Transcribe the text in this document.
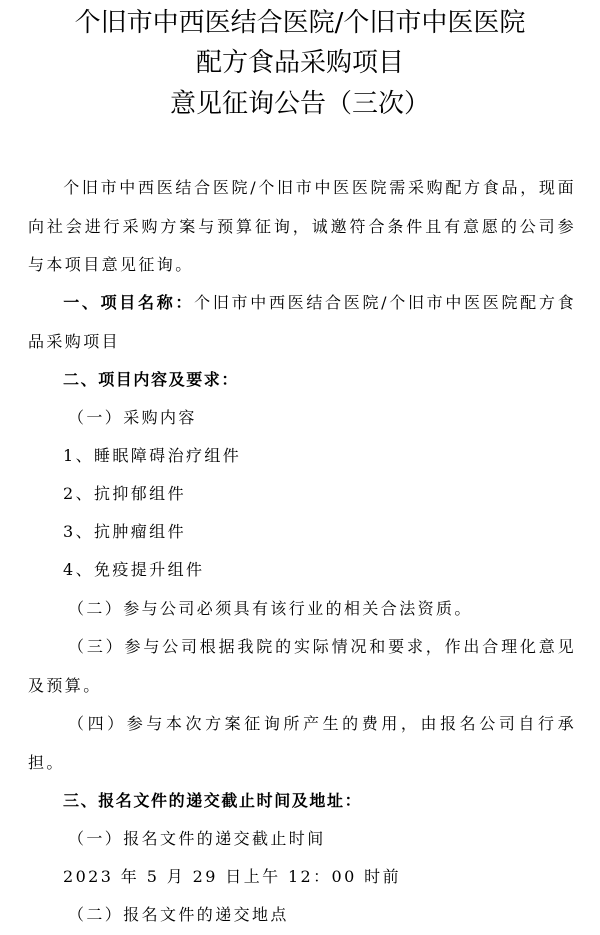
个旧市中西医结合医院/个旧市中医医院
配方食品采购项目
意见征询公告（三次）

个旧市中西医结合医院/个旧市中医医院需采购配方食品，现面向社会进行采购方案与预算征询，诚邀符合条件且有意愿的公司参与本项目意见征询。

一、项目名称：个旧市中西医结合医院/个旧市中医医院配方食品采购项目

二、项目内容及要求：
（一）采购内容
1、睡眠障碍治疗组件
2、抗抑郁组件
3、抗肿瘤组件
4、免疫提升组件
（二）参与公司必须具有该行业的相关合法资质。

（三）参与公司根据我院的实际情况和要求，作出合理化意见及预算。

（四）参与本次方案征询所产生的费用，由报名公司自行承担。

三、报名文件的递交截止时间及地址：
（一）报名文件的递交截止时间
2023 年 5 月 29 日上午 12：00 时前
（二）报名文件的递交地点
